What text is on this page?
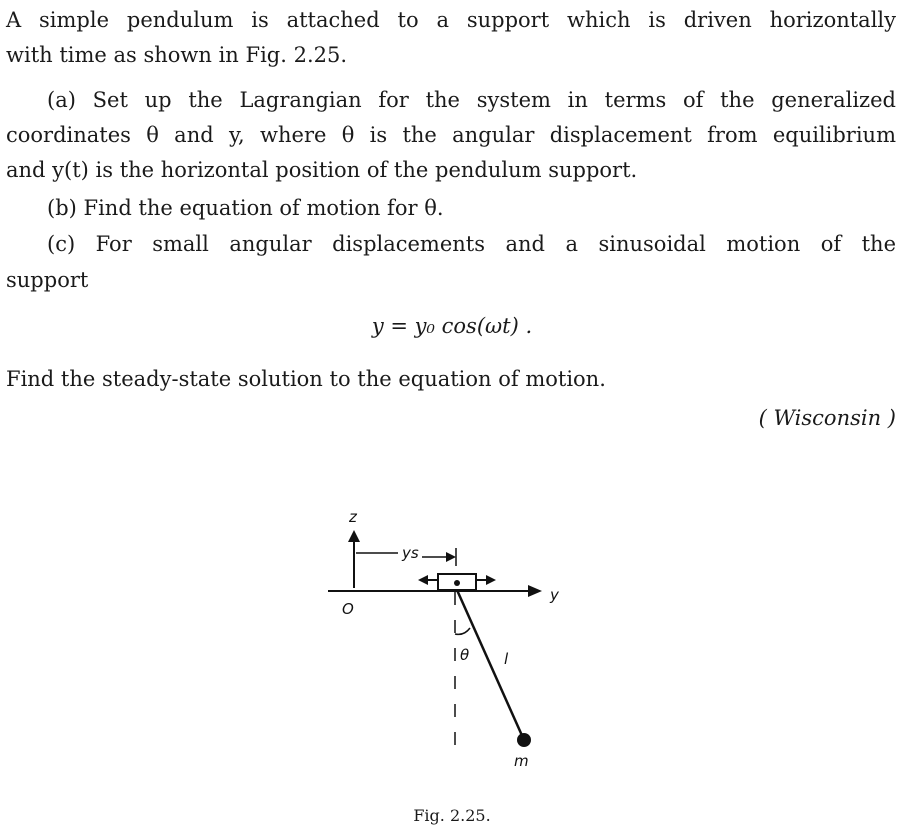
A simple pendulum is attached to a support which is driven horizontally
with time as shown in Fig. 2.25.
(a) Set up the Lagrangian for the system in terms of the generalized
coordinates θ and y, where θ is the angular displacement from equilibrium
and y(t) is the horizontal position of the pendulum support.
(b) Find the equation of motion for θ.
(c) For small angular displacements and a sinusoidal motion of the
support
y = y₀ cos(ωt) .
Find the steady-state solution to the equation of motion.
( Wisconsin )
z
y
O
ys
θ l
m
Fig. 2.25.
